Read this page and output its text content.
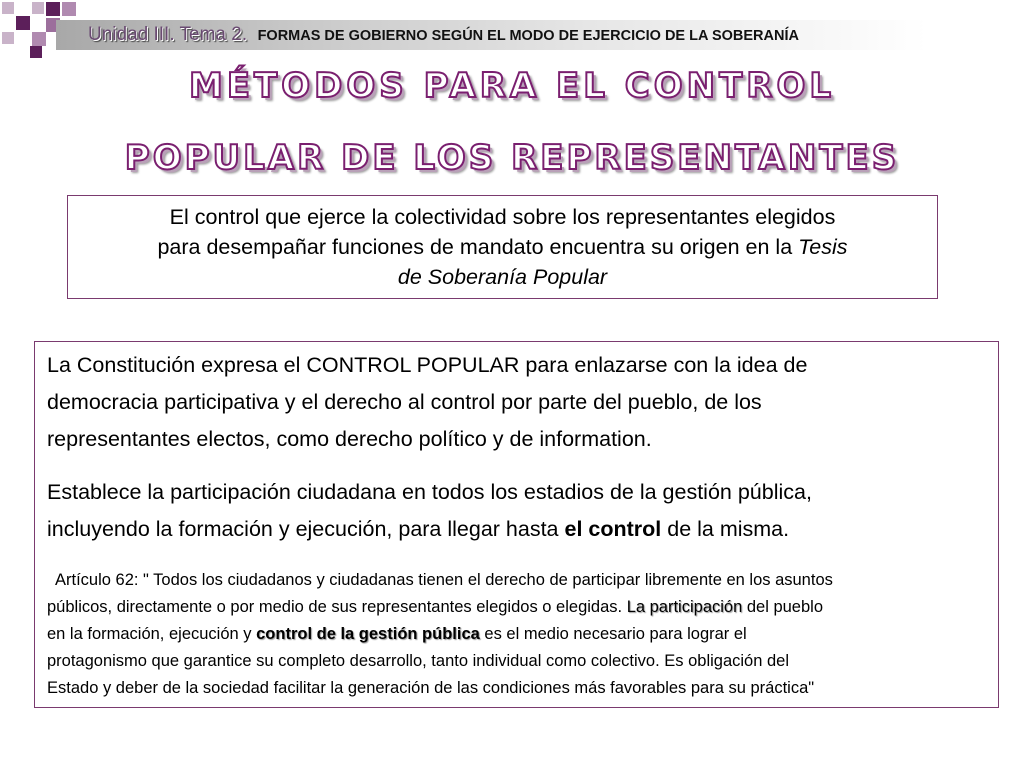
Unidad III. Tema 2. FORMAS DE GOBIERNO SEGÚN EL MODO DE EJERCICIO DE LA SOBERANÍA
MÉTODOS PARA EL CONTROL
POPULAR DE LOS REPRESENTANTES
El control que ejerce la colectividad sobre los representantes elegidos
para desempañar funciones de mandato encuentra su origen en la Tesis
de Soberanía Popular
La Constitución expresa el CONTROL POPULAR para enlazarse con la idea de
democracia participativa y el derecho al control por parte del pueblo, de los
representantes electos, como derecho político y de information.
Establece la participación ciudadana en todos los estadios de la gestión pública,
incluyendo la formación y ejecución, para llegar hasta el control de la misma.
Artículo 62: " Todos los ciudadanos y ciudadanas tienen el derecho de participar libremente en los asuntos
públicos, directamente o por medio de sus representantes elegidos o elegidas. La participación del pueblo
en la formación, ejecución y control de la gestión pública es el medio necesario para lograr el
protagonismo que garantice su completo desarrollo, tanto individual como colectivo. Es obligación del
Estado y deber de la sociedad facilitar la generación de las condiciones más favorables para su práctica"
